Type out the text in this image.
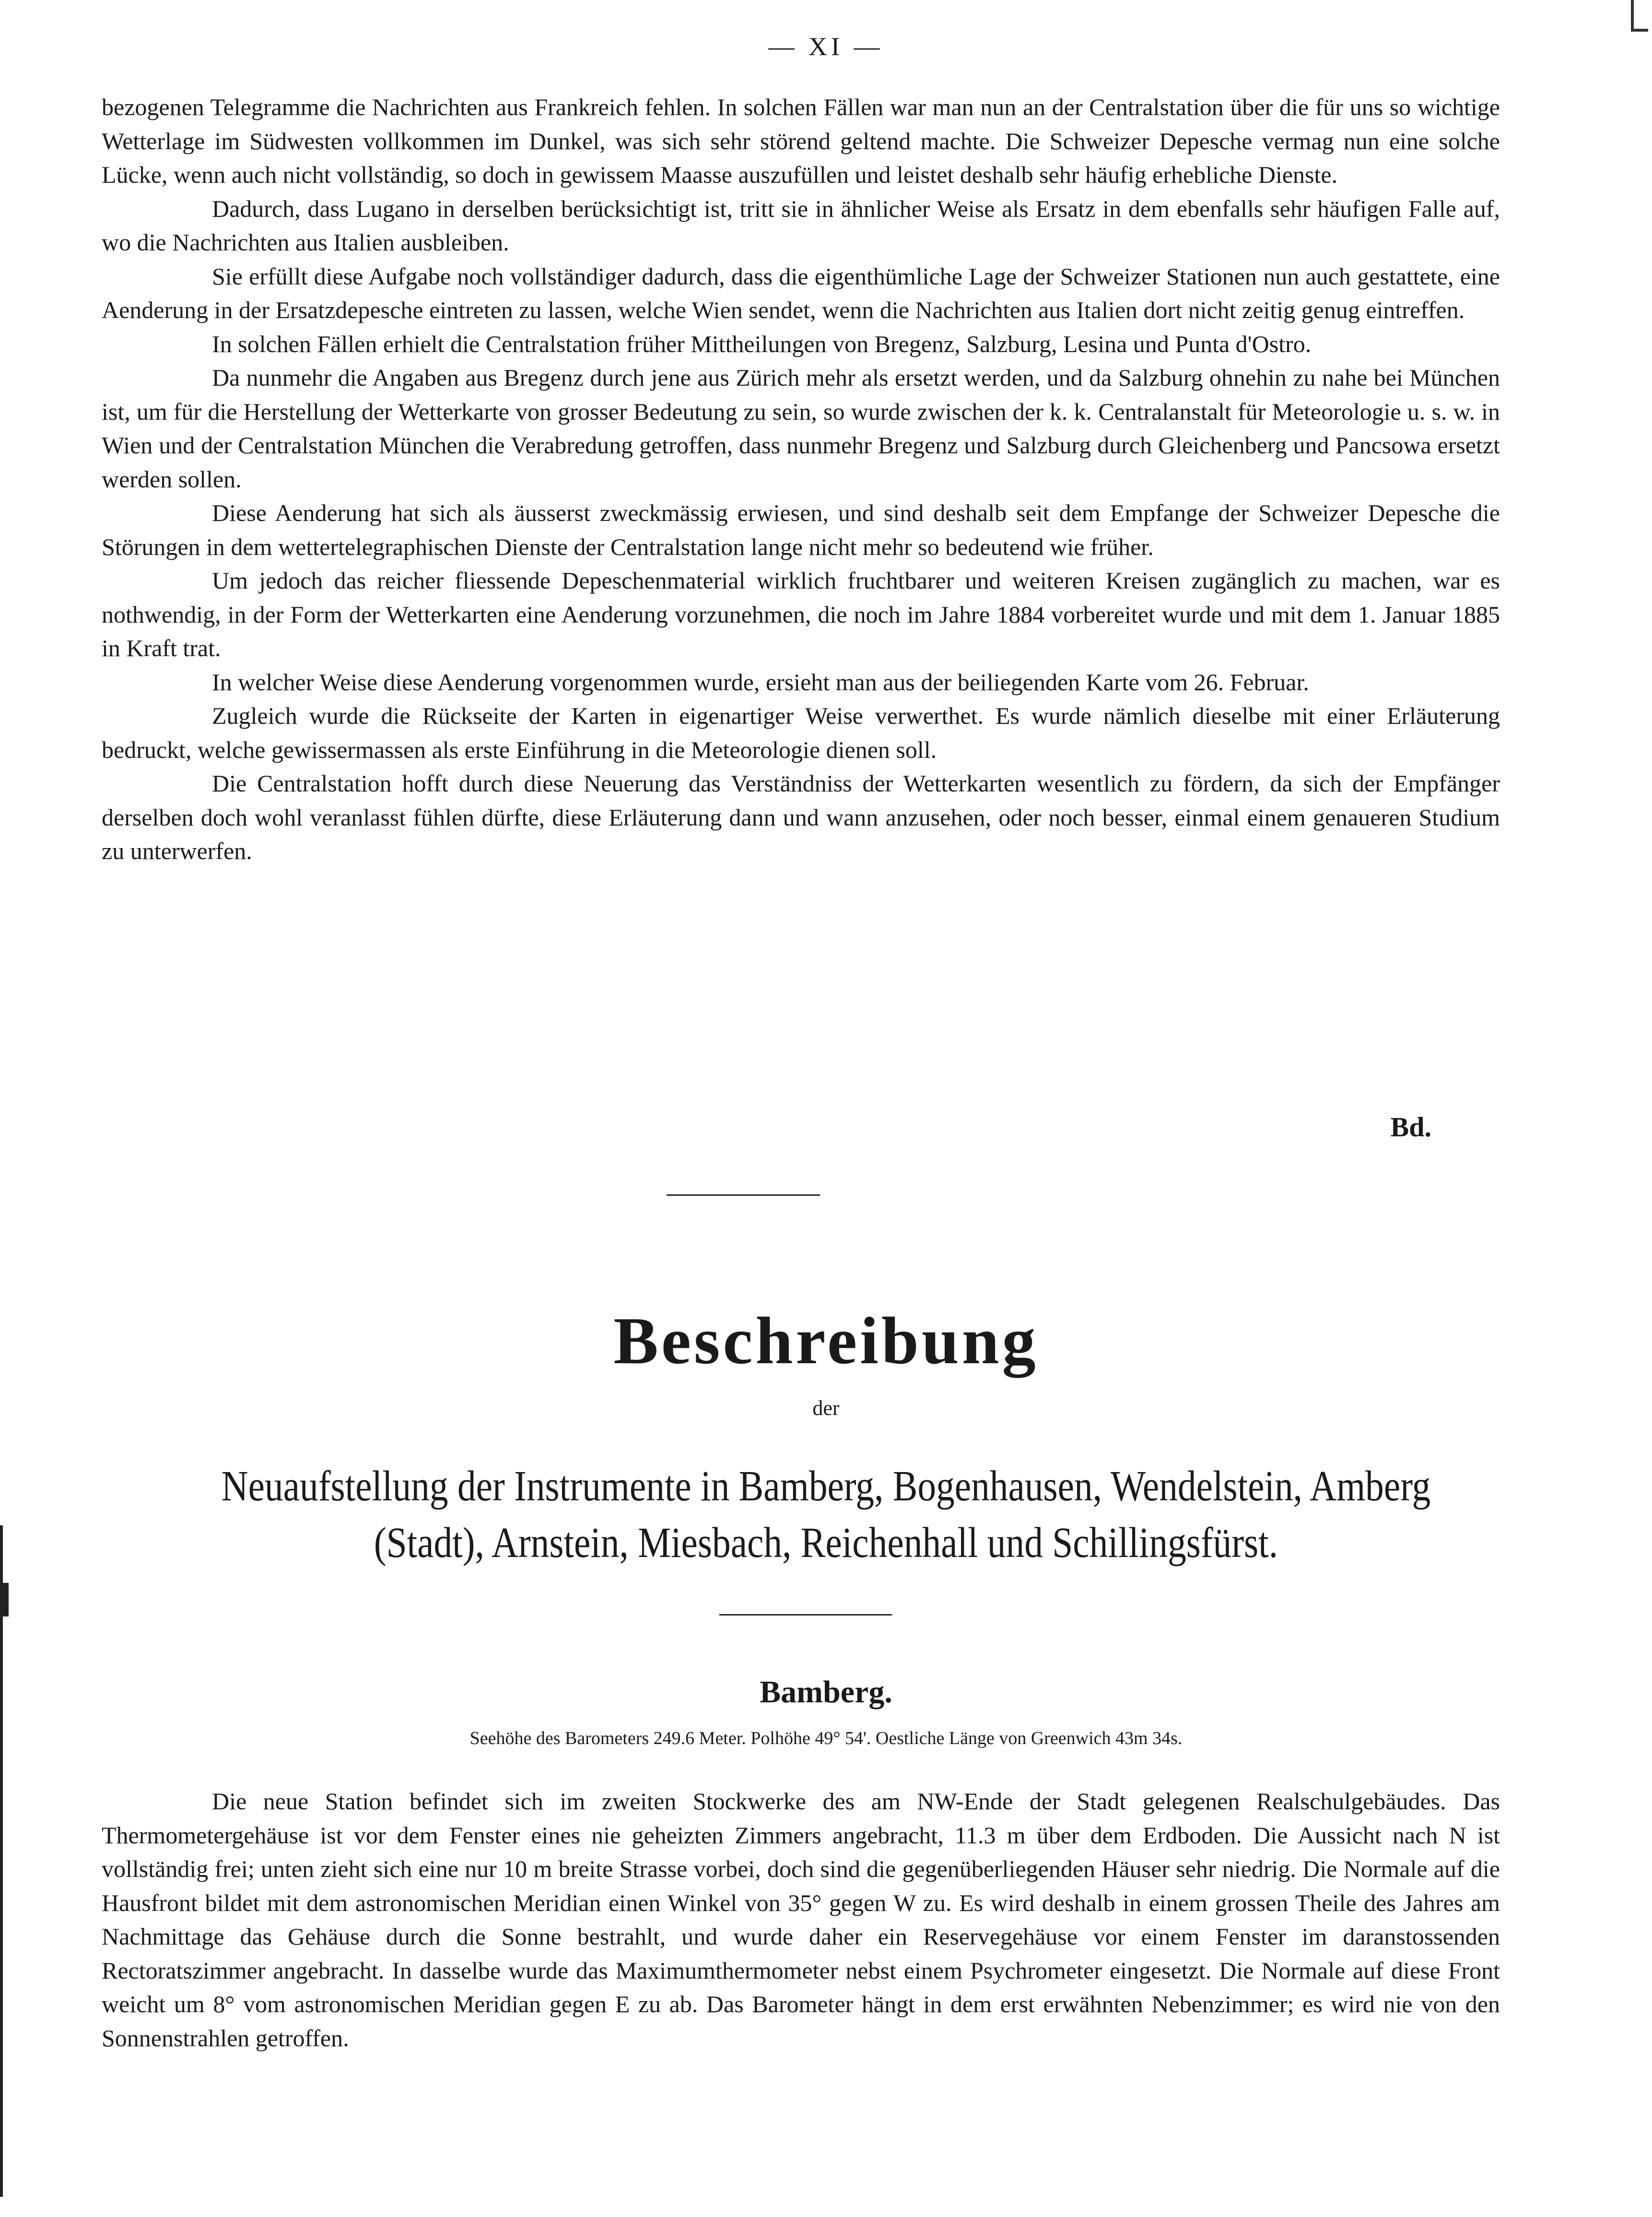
— XI —

bezogenen Telegramme die Nachrichten aus Frankreich fehlen. In solchen Fällen war man nun an der Centralstation über die für uns so wichtige Wetterlage im Südwesten vollkommen im Dunkel, was sich sehr störend geltend machte. Die Schweizer Depesche vermag nun eine solche Lücke, wenn auch nicht vollständig, so doch in gewissem Maasse auszufüllen und leistet deshalb sehr häufig erhebliche Dienste.

Dadurch, dass Lugano in derselben berücksichtigt ist, tritt sie in ähnlicher Weise als Ersatz in dem ebenfalls sehr häufigen Falle auf, wo die Nachrichten aus Italien ausbleiben.

Sie erfüllt diese Aufgabe noch vollständiger dadurch, dass die eigenthümliche Lage der Schweizer Stationen nun auch gestattete, eine Aenderung in der Ersatzdepesche eintreten zu lassen, welche Wien sendet, wenn die Nachrichten aus Italien dort nicht zeitig genug eintreffen.

In solchen Fällen erhielt die Centralstation früher Mittheilungen von Bregenz, Salzburg, Lesina und Punta d'Ostro.

Da nunmehr die Angaben aus Bregenz durch jene aus Zürich mehr als ersetzt werden, und da Salzburg ohnehin zu nahe bei München ist, um für die Herstellung der Wetterkarte von grosser Bedeutung zu sein, so wurde zwischen der k. k. Centralanstalt für Meteorologie u. s. w. in Wien und der Centralstation München die Verabredung getroffen, dass nunmehr Bregenz und Salzburg durch Gleichenberg und Pancsowa ersetzt werden sollen.

Diese Aenderung hat sich als äusserst zweckmässig erwiesen, und sind deshalb seit dem Empfange der Schweizer Depesche die Störungen in dem wettertelegraphischen Dienste der Centralstation lange nicht mehr so bedeutend wie früher.

Um jedoch das reicher fliessende Depeschenmaterial wirklich fruchtbarer und weiteren Kreisen zugänglich zu machen, war es nothwendig, in der Form der Wetterkarten eine Aenderung vorzunehmen, die noch im Jahre 1884 vorbereitet wurde und mit dem 1. Januar 1885 in Kraft trat.

In welcher Weise diese Aenderung vorgenommen wurde, ersieht man aus der beiliegenden Karte vom 26. Februar.

Zugleich wurde die Rückseite der Karten in eigenartiger Weise verwerthet. Es wurde nämlich dieselbe mit einer Erläuterung bedruckt, welche gewissermassen als erste Einführung in die Meteorologie dienen soll.

Die Centralstation hofft durch diese Neuerung das Verständniss der Wetterkarten wesentlich zu fördern, da sich der Empfänger derselben doch wohl veranlasst fühlen dürfte, diese Erläuterung dann und wann anzusehen, oder noch besser, einmal einem genaueren Studium zu unterwerfen.

Bd.
Beschreibung
der
Neuaufstellung der Instrumente in Bamberg, Bogenhausen, Wendelstein, Amberg
(Stadt), Arnstein, Miesbach, Reichenhall und Schillingsfürst.
Bamberg.
Seehöhe des Barometers 249.6 Meter. Polhöhe 49° 54'. Oestliche Länge von Greenwich 43m 34s.

Die neue Station befindet sich im zweiten Stockwerke des am NW-Ende der Stadt gelegenen Realschulgebäudes. Das Thermometergehäuse ist vor dem Fenster eines nie geheizten Zimmers angebracht, 11.3 m über dem Erdboden. Die Aussicht nach N ist vollständig frei; unten zieht sich eine nur 10 m breite Strasse vorbei, doch sind die gegenüberliegenden Häuser sehr niedrig. Die Normale auf die Hausfront bildet mit dem astronomischen Meridian einen Winkel von 35° gegen W zu. Es wird deshalb in einem grossen Theile des Jahres am Nachmittage das Gehäuse durch die Sonne bestrahlt, und wurde daher ein Reservegehäuse vor einem Fenster im daranstossenden Rectoratszimmer angebracht. In dasselbe wurde das Maximumthermometer nebst einem Psychrometer eingesetzt. Die Normale auf diese Front weicht um 8° vom astronomischen Meridian gegen E zu ab. Das Barometer hängt in dem erst erwähnten Nebenzimmer; es wird nie von den Sonnenstrahlen getroffen.
